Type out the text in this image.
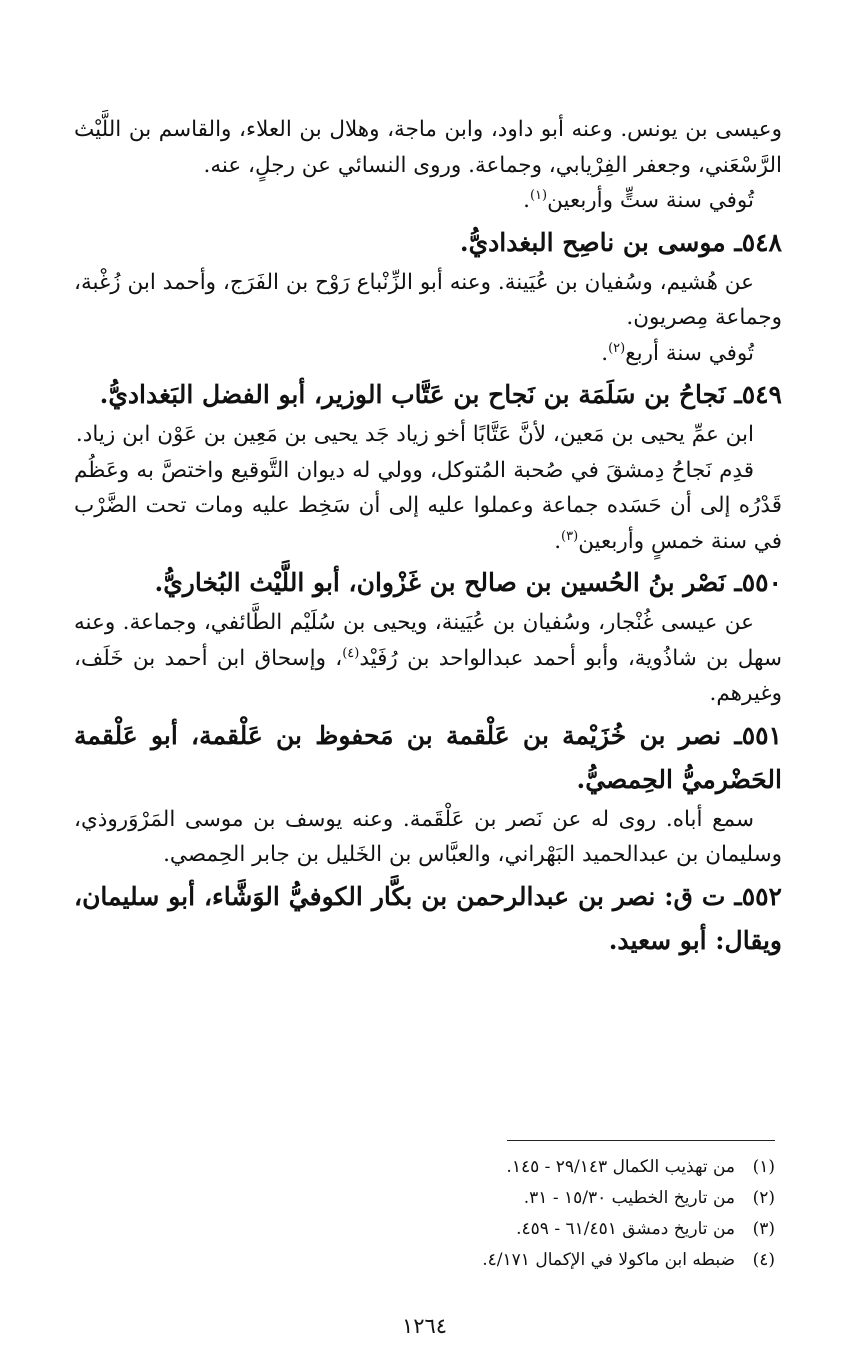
وعيسى بن يونس. وعنه أبو داود، وابن ماجة، وهلال بن العلاء، والقاسم بن اللَّيْث الرَّسْعَني، وجعفر الفِرْيابي، وجماعة. وروى النسائي عن رجلٍ، عنه.

تُوفي سنة ستٍّ وأربعين$^{(١)}$.

٥٤٨ـ موسى بن ناصِح البغداديُّ.

عن هُشيم، وسُفيان بن عُيَينة. وعنه أبو الزِّنْباع رَوْح بن الفَرَج، وأحمد ابن زُغْبة، وجماعة مِصريون.

تُوفي سنة أربع$^{(٢)}$.

٥٤٩ـ نَجاحُ بن سَلَمَة بن نَجاح بن عَتَّاب الوزير، أبو الفضل البَغداديُّ.

ابن عمِّ يحيى بن مَعين، لأنَّ عَتَّابًا أخو زياد جَد يحيى بن مَعِين بن عَوْن ابن زياد.

قدِم نَجاحُ دِمشقَ في صُحبة المُتوكل، وولي له ديوان التَّوقيع واختصَّ به وعَظُم قَدْرُه إلى أن حَسَده جماعة وعملوا عليه إلى أن سَخِط عليه ومات تحت الضَّرْب في سنة خمسٍ وأربعين$^{(٣)}$.

٥٥٠ـ نَصْر بنُ الحُسين بن صالح بن غَزْوان، أبو اللَّيْث البُخاريُّ.

عن عيسى غُنْجار، وسُفيان بن عُيَينة، ويحيى بن سُلَيْم الطَّائفي، وجماعة. وعنه سهل بن شاذُوية، وأبو أحمد عبدالواحد بن رُفَيْد$^{(٤)}$، وإسحاق ابن أحمد بن خَلَف، وغيرهم.

٥٥١ـ نصر بن خُزَيْمة بن عَلْقمة بن مَحفوظ بن عَلْقمة، أبو عَلْقمة الحَضْرميُّ الحِمصيُّ.

سمع أباه. روى له عن نَصر بن عَلْقَمة. وعنه يوسف بن موسى المَرْوَروذي، وسليمان بن عبدالحميد البَهْراني، والعبَّاس بن الخَليل بن جابر الحِمصي.

٥٥٢ـ ت ق: نصر بن عبدالرحمن بن بكَّار الكوفيُّ الوَشَّاء، أبو سليمان، ويقال: أبو سعيد.

(١)من تهذيب الكمال ٢٩/١٤٣ - ١٤٥.
(٢)من تاريخ الخطيب ١٥/٣٠ - ٣١.
(٣)من تاريخ دمشق ٦١/٤٥١ - ٤٥٩.
(٤)ضبطه ابن ماكولا في الإكمال ٤/١٧١.
١٢٦٤
